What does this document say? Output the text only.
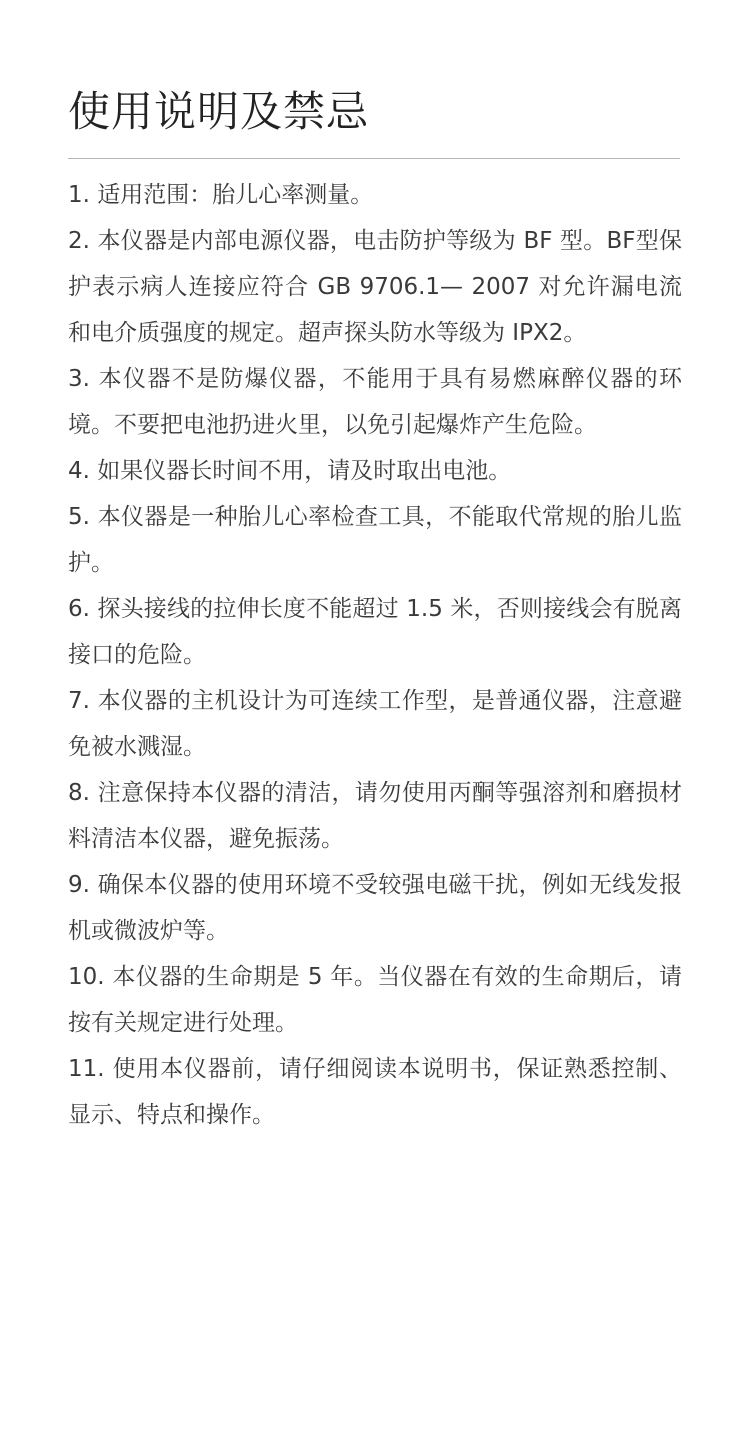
使用说明及禁忌
1. 适用范围：胎儿心率测量。
2. 本仪器是内部电源仪器，电击防护等级为 BF 型。BF型保护表示病人连接应符合 GB 9706.1— 2007 对允许漏电流和电介质强度的规定。超声探头防水等级为 IPX2。
3. 本仪器不是防爆仪器，不能用于具有易燃麻醉仪器的环境。不要把电池扔进火里，以免引起爆炸产生危险。
4. 如果仪器长时间不用，请及时取出电池。
5. 本仪器是一种胎儿心率检查工具，不能取代常规的胎儿监护。
6. 探头接线的拉伸长度不能超过 1.5 米，否则接线会有脱离接口的危险。
7. 本仪器的主机设计为可连续工作型，是普通仪器，注意避免被水溅湿。
8. 注意保持本仪器的清洁，请勿使用丙酮等强溶剂和磨损材料清洁本仪器，避免振荡。
9. 确保本仪器的使用环境不受较强电磁干扰，例如无线发报机或微波炉等。
10. 本仪器的生命期是 5 年。当仪器在有效的生命期后，请按有关规定进行处理。
11. 使用本仪器前，请仔细阅读本说明书，保证熟悉控制、显示、特点和操作。
